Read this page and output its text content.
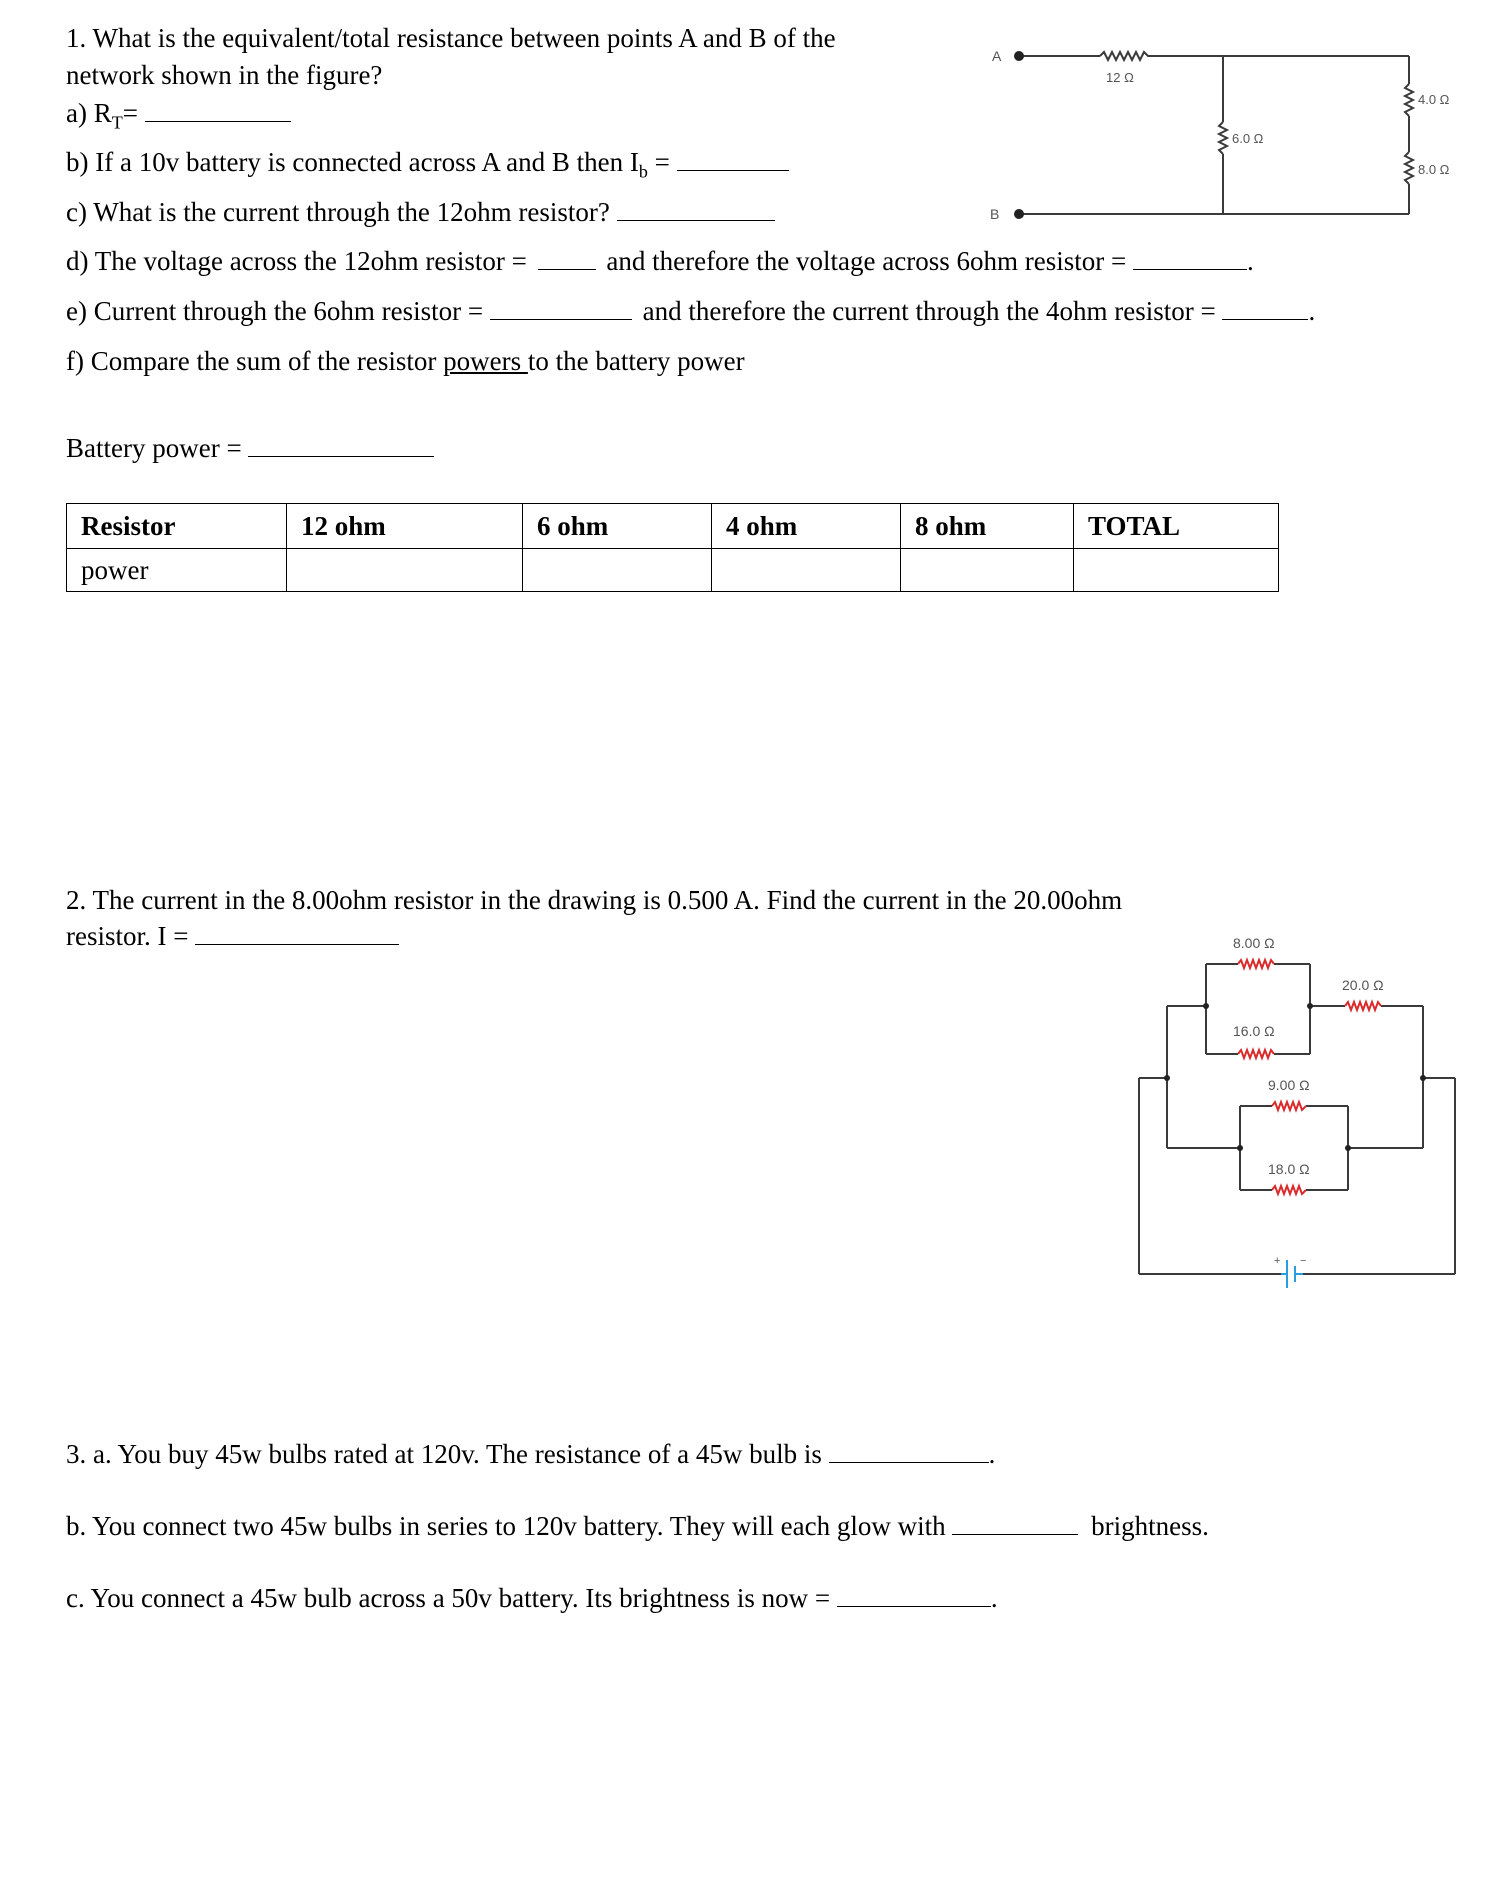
1. What is the equivalent/total resistance between points A and B of the
network shown in the figure?
a) $R_T=$
b) If a 10v battery is connected across A and B then $I_b$ =
c) What is the current through the 12ohm resistor?
d) The voltage across the 12ohm resistor =	and therefore the voltage across 6ohm resistor =	.
e) Current through the 6ohm resistor =	and therefore the current through the 4ohm resistor =	.
f) Compare the sum of the resistor powers to the battery power
Battery power =
Resistor	12 ohm	6 ohm	4 ohm	8 ohm	TOTAL
power					
A
B
12 Ω
6.0 Ω
4.0 Ω
8.0 Ω
2. The current in the 8.00ohm resistor in the drawing is 0.500 A. Find the current in the 20.00ohm
resistor. I =	8.00 Ω
16.0 Ω
20.0 Ω
9.00 Ω
18.0 Ω
+ −
3. a. You buy 45w bulbs rated at 120v. The resistance of a 45w bulb is	.
b. You connect two 45w bulbs in series to 120v battery. They will each glow with	brightness.
c. You connect a 45w bulb across a 50v battery. Its brightness is now =	.
